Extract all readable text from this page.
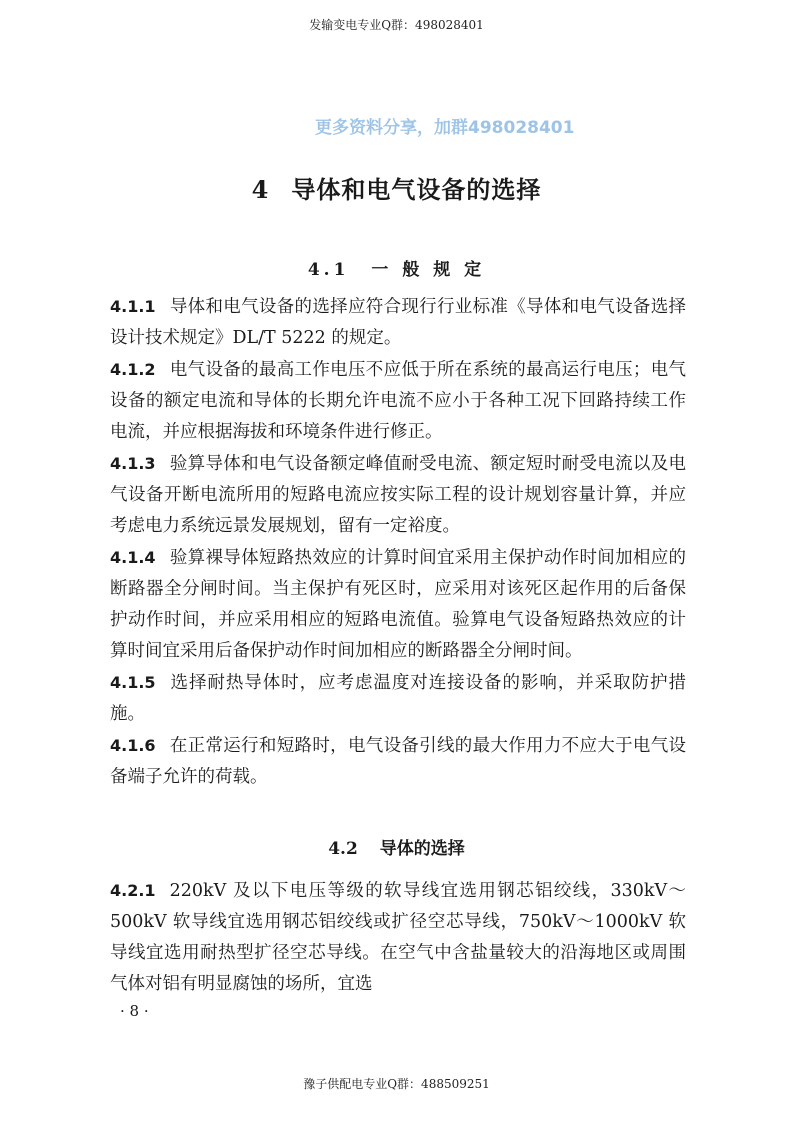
发输变电专业Q群：498028401
更多资料分享，加群498028401
4 导体和电气设备的选择
4.1 一 般 规 定

4.1.1 导体和电气设备的选择应符合现行行业标准《导体和电气设备选择设计技术规定》DL/T 5222 的规定。

4.1.2 电气设备的最高工作电压不应低于所在系统的最高运行电压；电气设备的额定电流和导体的长期允许电流不应小于各种工况下回路持续工作电流，并应根据海拔和环境条件进行修正。

4.1.3 验算导体和电气设备额定峰值耐受电流、额定短时耐受电流以及电气设备开断电流所用的短路电流应按实际工程的设计规划容量计算，并应考虑电力系统远景发展规划，留有一定裕度。

4.1.4 验算裸导体短路热效应的计算时间宜采用主保护动作时间加相应的断路器全分闸时间。当主保护有死区时，应采用对该死区起作用的后备保护动作时间，并应采用相应的短路电流值。验算电气设备短路热效应的计算时间宜采用后备保护动作时间加相应的断路器全分闸时间。

4.1.5 选择耐热导体时，应考虑温度对连接设备的影响，并采取防护措施。

4.1.6 在正常运行和短路时，电气设备引线的最大作用力不应大于电气设备端子允许的荷载。

4.2 导体的选择

4.2.1 220kV 及以下电压等级的软导线宜选用钢芯铝绞线，330kV～500kV 软导线宜选用钢芯铝绞线或扩径空芯导线，750kV～1000kV 软导线宜选用耐热型扩径空芯导线。在空气中含盐量较大的沿海地区或周围气体对铝有明显腐蚀的场所，宜选

· 8 ·
豫子供配电专业Q群：488509251
